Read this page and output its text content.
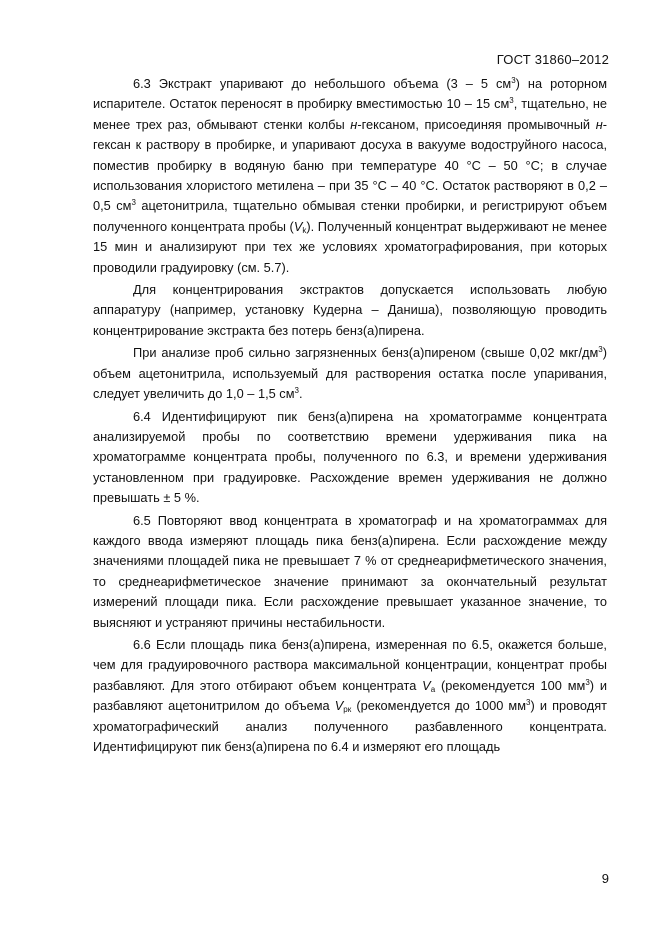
ГОСТ 31860–2012

6.3 Экстракт упаривают до небольшого объема (3 – 5 $см^3$) на роторном испарителе. Остаток переносят в пробирку вместимостью 10 – 15 $см^3$, тщательно, не менее трех раз, обмывают стенки колбы н-гексаном, присоединяя промывочный н-гексан к раствору в пробирке, и упаривают досуха в вакууме водоструйного насоса, поместив пробирку в водяную баню при температуре 40 °С – 50 °С; в случае использования хлористого метилена – при 35 °С – 40 °С. Остаток растворяют в 0,2 – 0,5 $см^3$ ацетонитрила, тщательно обмывая стенки пробирки, и регистрируют объем полученного концентрата пробы $(V_k)$. Полученный концентрат выдерживают не менее 15 мин и анализируют при тех же условиях хроматографирования, при которых проводили градуировку (см. 5.7).

Для концентрирования экстрактов допускается использовать любую аппаратуру (например, установку Кудерна – Даниша), позволяющую проводить концентрирование экстракта без потерь бенз(а)пирена.

При анализе проб сильно загрязненных бенз(а)пиреном (свыше 0,02 мкг/$дм^3$) объем ацетонитрила, используемый для растворения остатка после упаривания, следует увеличить до 1,0 – 1,5 $см^3$.

6.4 Идентифицируют пик бенз(а)пирена на хроматограмме концентрата анализируемой пробы по соответствию времени удерживания пика на хроматограмме концентрата пробы, полученного по 6.3, и времени удерживания установленном при градуировке. Расхождение времен удерживания не должно превышать ± 5 %.

6.5 Повторяют ввод концентрата в хроматограф и на хроматограммах для каждого ввода измеряют площадь пика бенз(а)пирена. Если расхождение между значениями площадей пика не превышает 7 % от среднеарифметического значения, то среднеарифметическое значение принимают за окончательный результат измерений площади пика. Если расхождение превышает указанное значение, то выясняют и устраняют причины нестабильности.

6.6 Если площадь пика бенз(а)пирена, измеренная по 6.5, окажется больше, чем для градуировочного раствора максимальной концентрации, концентрат пробы разбавляют. Для этого отбирают объем концентрата $V_a$ (рекомендуется 100 $мм^3$) и разбавляют ацетонитрилом до объема $V_{рк}$ (рекомендуется до 1000 $мм^3$) и проводят хроматографический анализ полученного разбавленного концентрата. Идентифицируют пик бенз(а)пирена по 6.4 и измеряют его площадь

9
